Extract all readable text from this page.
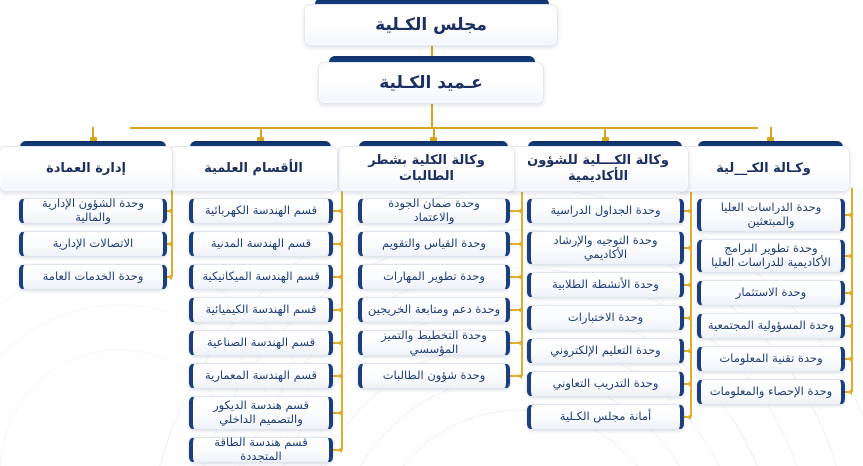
مجلس الكـلية
عـميد الكـلية
وكـالة الكـ__لية
وحدة الدراسات العليا والمبتعثين
وحدة تطوير البرامج الأكاديمية للدراسات العليا
وحدة الاستثمار
وحدة المسؤولية المجتمعية
وحدة تقنية المعلومات
وحدة الإحصاء والمعلومات
وكالة الكـــلية للشؤون الأكاديمية
وحدة الجداول الدراسية
وحدة التوجيه والإرشاد الأكاديمي
وحدة الأنشطة الطلابية
وحدة الاختبارات
وحدة التعليم الإلكتروني
وحدة التدريب التعاوني
أمانة مجلس الكـلية
وكالة الكلية بشطر الطالبات
وحدة ضمان الجودة والاعتماد
وحدة القياس والتقويم
وحدة تطوير المهارات
وحدة دعم ومتابعة الخريجين
وحدة التخطيط والتميز المؤسسي
وحدة شؤون الطالبات
الأقسام العلمية
قسم الهندسة الكهربائية
قسم الهندسة المدنية
قسم الهندسة الميكانيكية
قسم الهندسة الكيميائية
قسم الهندسة الصناعية
قسم الهندسة المعمارية
قسم هندسة الديكور والتصميم الداخلي
قسم هندسة الطاقة المتجددة
إدارة العمادة
وحدة الشؤون الإدارية والمالية
الاتصالات الإدارية
وحدة الخدمات العامة
